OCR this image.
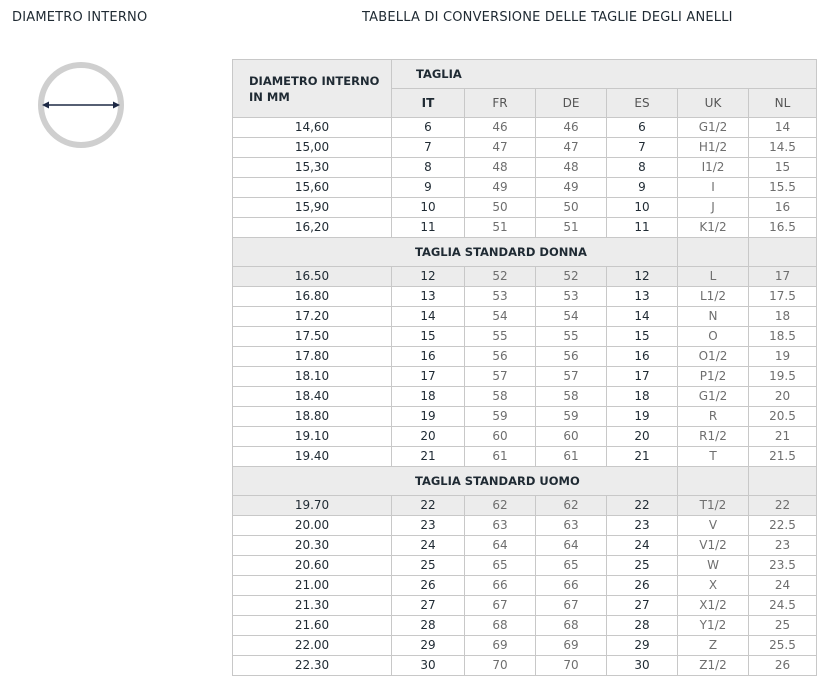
DIAMETRO INTERNO	TABELLA DI CONVERSIONE DELLE TAGLIE DEGLI ANELLI
DIAMETRO INTERNO IN MM	TAGLIA					
	IT	FR	DE	ES	UK	NL
14,60	6	46	46	6	G1/2	14
15,00	7	47	47	7	H1/2	14.5
15,30	8	48	48	8	I1/2	15
15,60	9	49	49	9	I	15.5
15,90	10	50	50	10	J	16
16,20	11	51	51	11	K1/2	16.5
TAGLIA STANDARD DONNA						
16.50	12	52	52	12	L	17
16.80	13	53	53	13	L1/2	17.5
17.20	14	54	54	14	N	18
17.50	15	55	55	15	O	18.5
17.80	16	56	56	16	O1/2	19
18.10	17	57	57	17	P1/2	19.5
18.40	18	58	58	18	G1/2	20
18.80	19	59	59	19	R	20.5
19.10	20	60	60	20	R1/2	21
19.40	21	61	61	21	T	21.5
TAGLIA STANDARD UOMO						
19.70	22	62	62	22	T1/2	22
20.00	23	63	63	23	V	22.5
20.30	24	64	64	24	V1/2	23
20.60	25	65	65	25	W	23.5
21.00	26	66	66	26	X	24
21.30	27	67	67	27	X1/2	24.5
21.60	28	68	68	28	Y1/2	25
22.00	29	69	69	29	Z	25.5
22.30	30	70	70	30	Z1/2	26
